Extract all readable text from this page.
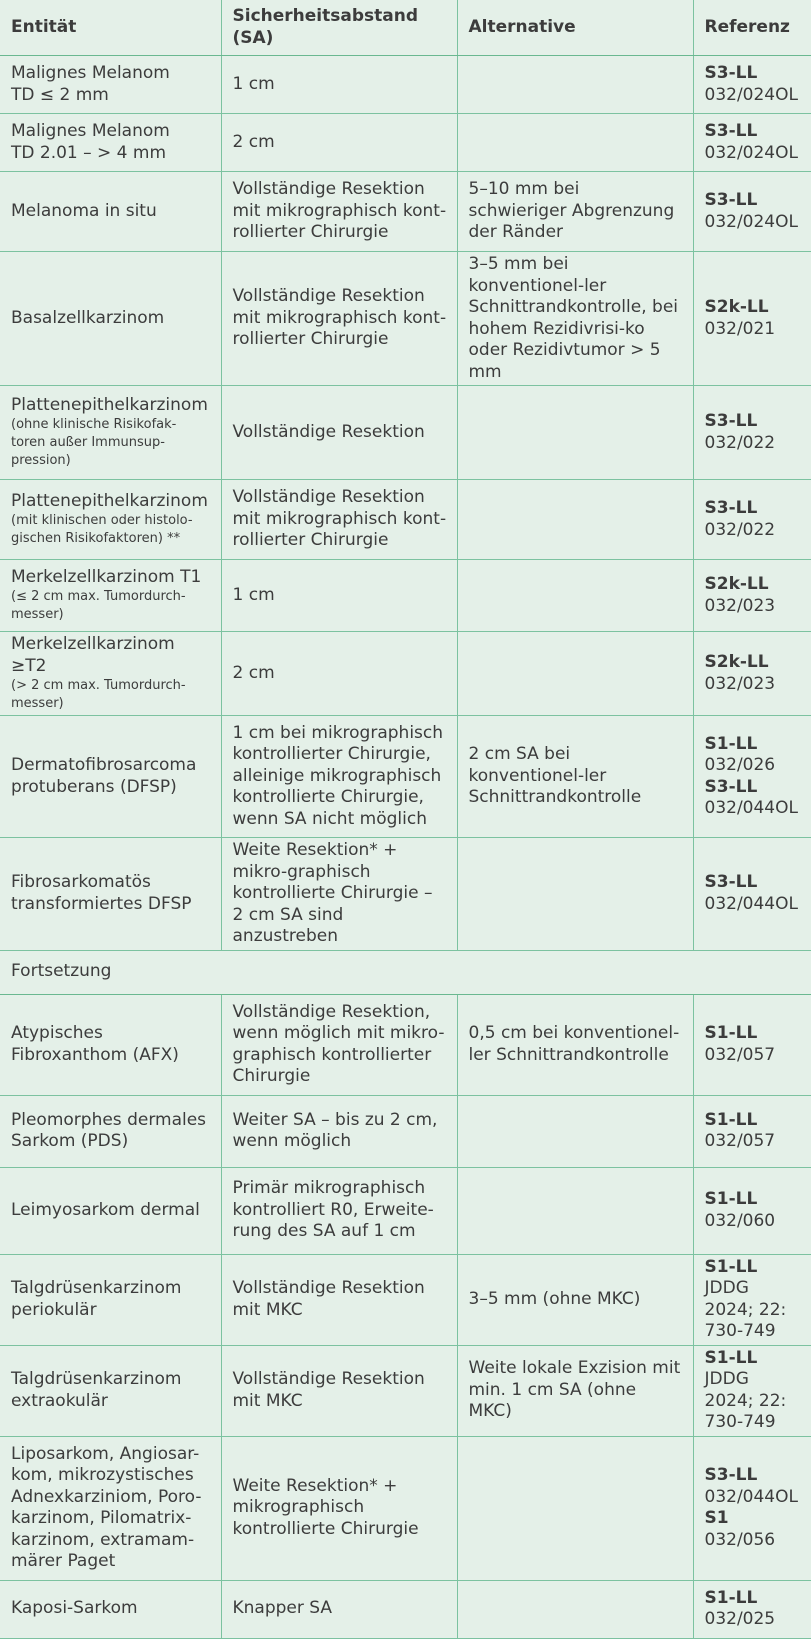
Entität	Sicherheitsabstand (SA)	Alternative	Referenz
Malignes Melanom
TD ≤ 2 mm	1 cm		S3-LL
032/024OL

Malignes Melanom
TD 2.01 – > 4 mm	2 cm		S3-LL
032/024OL

Melanoma in situ	Vollständige Resektion mit mikrographisch kont-rollierter Chirurgie	5–10 mm bei schwieriger Abgrenzung der Ränder	S3-LL
032/024OL

Basalzellkarzinom	Vollständige Resektion mit mikrographisch kont-rollierter Chirurgie	3–5 mm bei konventionel-ler Schnittrandkontrolle, bei hohem Rezidivrisi-ko oder Rezidivtumor > 5 mm	S2k-LL
032/021

Plattenepithelkarzinom
(ohne klinische Risikofak-toren außer Immunsup-pression)	Vollständige Resektion		S3-LL
032/022

Plattenepithelkarzinom
(mit klinischen oder histolo-gischen Risikofaktoren) **	Vollständige Resektion mit mikrographisch kont-rollierter Chirurgie		S3-LL
032/022

Merkelzellkarzinom T1
(≤ 2 cm max. Tumordurch-messer)	1 cm		S2k-LL
032/023

Merkelzellkarzinom ≥T2
(> 2 cm max. Tumordurch-messer)	2 cm		S2k-LL
032/023

Dermatofibrosarcoma protuberans (DFSP)	1 cm bei mikrographisch kontrollierter Chirurgie, alleinige mikrographisch kontrollierte Chirurgie, wenn SA nicht möglich	2 cm SA bei konventionel-ler Schnittrandkontrolle	S1-LL
032/026
S3-LL
032/044OL

Fibrosarkomatös transformiertes DFSP	Weite Resektion* + mikro-graphisch kontrollierte Chirurgie – 2 cm SA sind anzustreben		S3-LL
032/044OL

Fortsetzung			
Atypisches Fibroxanthom (AFX)	Vollständige Resektion, wenn möglich mit mikro-graphisch kontrollierter Chirurgie	0,5 cm bei konventionel-ler Schnittrandkontrolle	S1-LL
032/057

Pleomorphes dermales Sarkom (PDS)	Weiter SA – bis zu 2 cm, wenn möglich		S1-LL
032/057

Leimyosarkom dermal	Primär mikrographisch kontrolliert R0, Erweite-rung des SA auf 1 cm		S1-LL
032/060

Talgdrüsenkarzinom periokulär	Vollständige Resektion mit MKC	3–5 mm (ohne MKC)	S1-LL JDDG 2024; 22: 730-749
Talgdrüsenkarzinom extraokulär	Vollständige Resektion mit MKC	Weite lokale Exzision mit min. 1 cm SA (ohne MKC)	S1-LL JDDG 2024; 22: 730-749
Liposarkom, Angiosar-kom, mikrozystisches Adnexkarziniom, Poro-karzinom, Pilomatrix-karzinom, extramam-märer Paget	Weite Resektion* + mikrographisch kontrollierte Chirurgie		S3-LL
032/044OL
S1
032/056

Kaposi-Sarkom	Knapper SA		S1-LL
032/025
